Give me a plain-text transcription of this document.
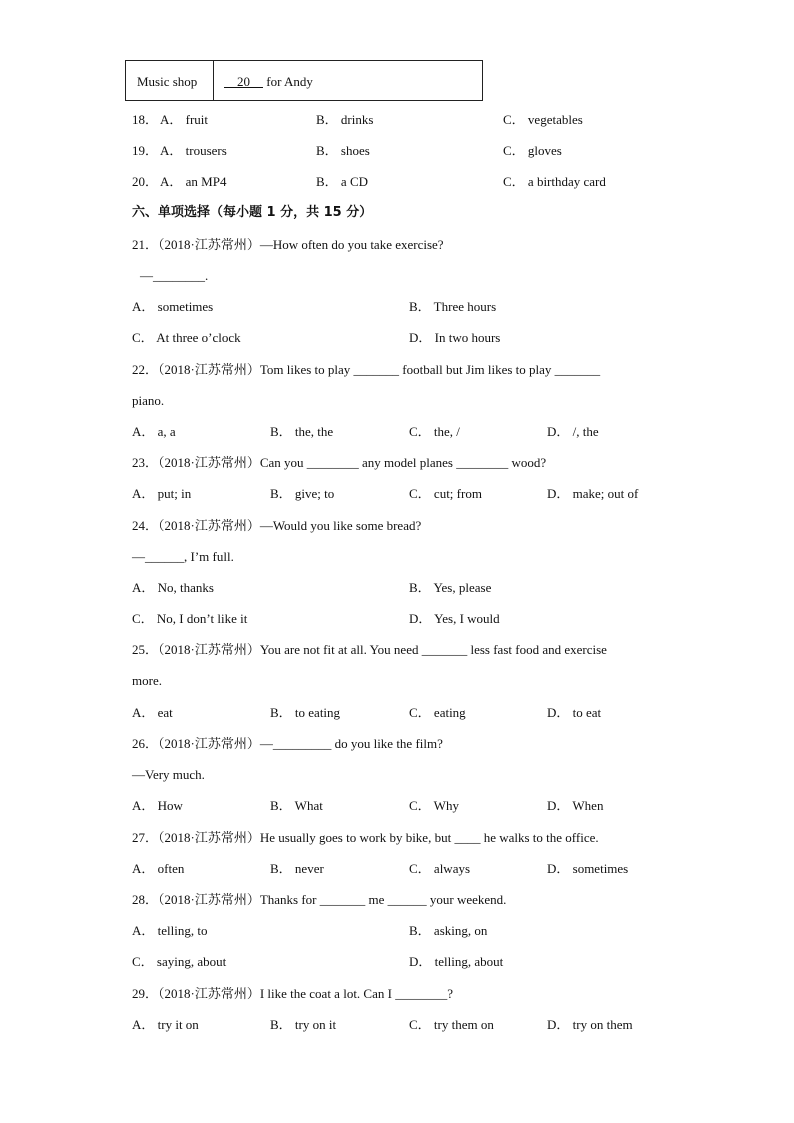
Music shop	20 for Andy
18． A． fruit	B． drinks	C． vegetables
19． A． trousers	B． shoes	C． gloves
20． A． an MP4	B． a CD	C． a birthday card
六、单项选择（每小题 1 分，共 15 分）
21．（2018·江苏常州）—How often do you take exercise?
—________.
A． sometimes	B． Three hours
C． At three o’clock	D． In two hours
22．（2018·江苏常州）Tom likes to play _______ football but Jim likes to play _______
piano.
A． a, a	B． the, the	C． the, /	D． /, the
23．（2018·江苏常州）Can you ________ any model planes ________ wood?
A． put; in	B． give; to	C． cut; from	D． make; out of
24．（2018·江苏常州）—Would you like some bread?
—______, I’m full.
A． No, thanks	B． Yes, please
C． No, I don’t like it	D． Yes, I would
25．（2018·江苏常州）You are not fit at all. You need _______ less fast food and exercise
more.
A． eat	B． to eating	C． eating	D． to eat
26．（2018·江苏常州）—_________ do you like the film?
—Very much.
A． How	B． What	C． Why	D． When
27．（2018·江苏常州）He usually goes to work by bike, but ____ he walks to the office.
A． often	B． never	C． always	D． sometimes
28．（2018·江苏常州）Thanks for _______ me ______ your weekend.
A． telling, to	B． asking, on
C． saying, about	D． telling, about
29．（2018·江苏常州）I like the coat a lot. Can I ________?
A． try it on	B． try on it	C． try them on	D． try on them
